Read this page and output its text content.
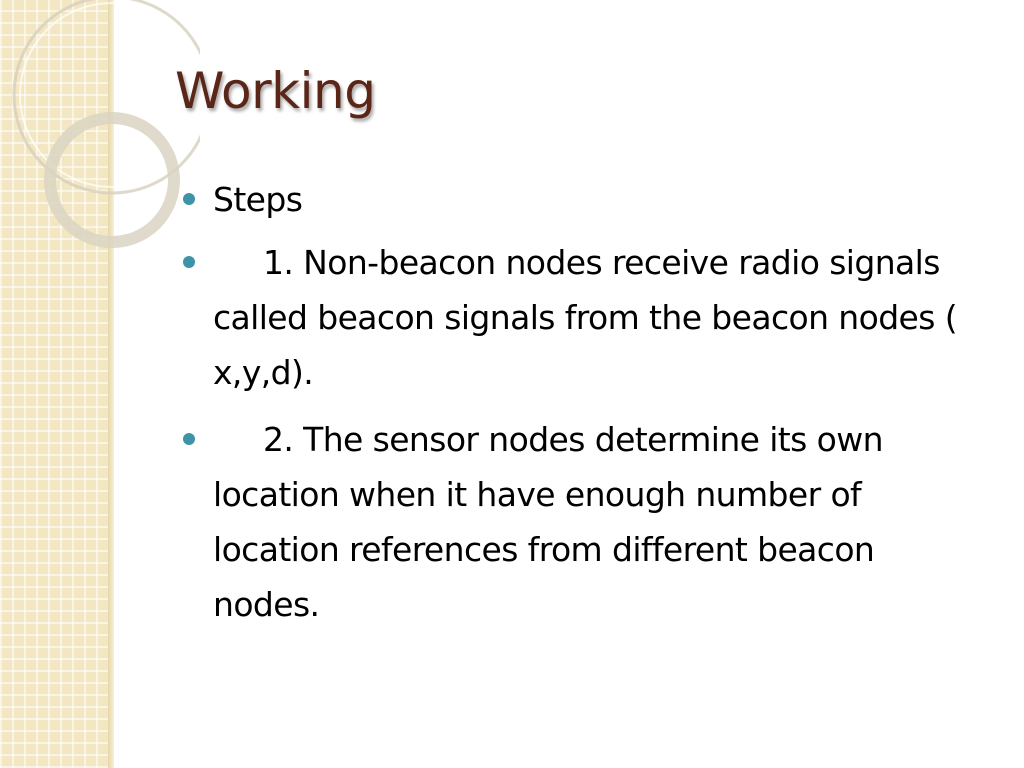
Working
Steps
1. Non-beacon nodes receive radio signals called beacon signals from the beacon nodes ( x,y,d).
2. The sensor nodes determine its own location when it have enough number of location references from different beacon nodes.
